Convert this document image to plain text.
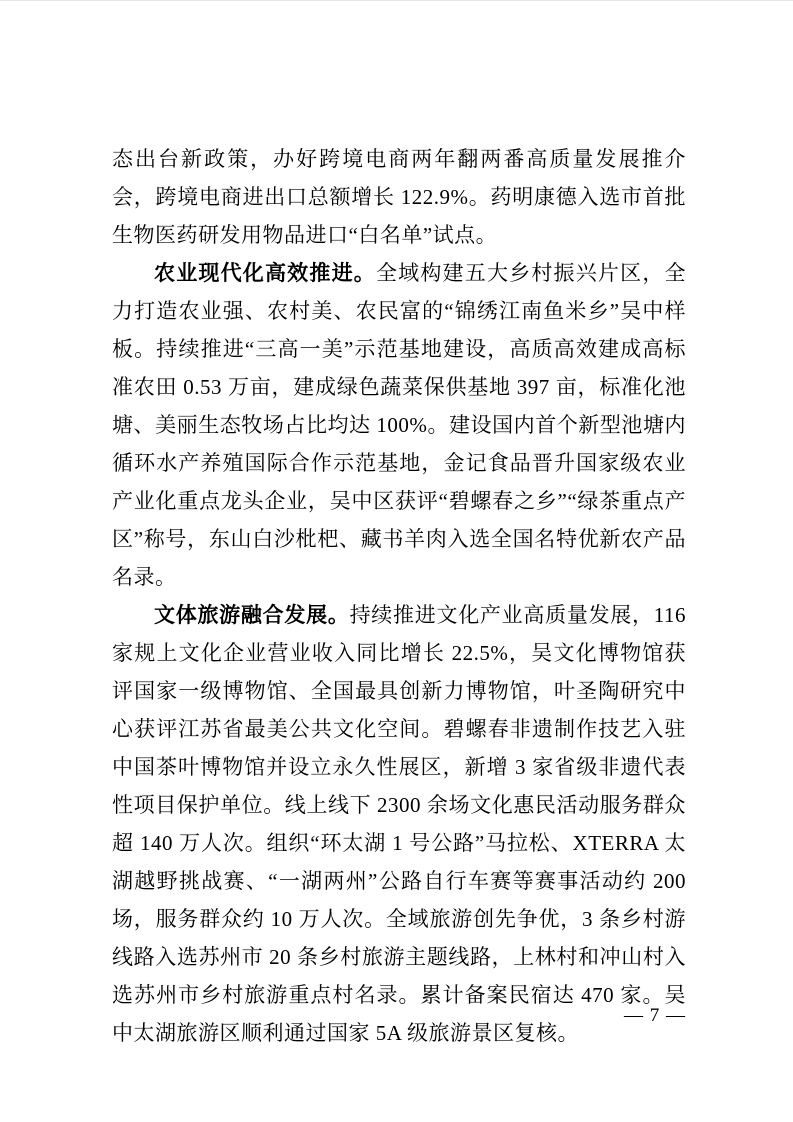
态出台新政策，办好跨境电商两年翻两番高质量发展推介会，跨境电商进出口总额增长 122.9%。药明康德入选市首批生物医药研发用物品进口“白名单”试点。

农业现代化高效推进。全域构建五大乡村振兴片区，全力打造农业强、农村美、农民富的“锦绣江南鱼米乡”吴中样板。持续推进“三高一美”示范基地建设，高质高效建成高标准农田 0.53 万亩，建成绿色蔬菜保供基地 397 亩，标准化池塘、美丽生态牧场占比均达 100%。建设国内首个新型池塘内循环水产养殖国际合作示范基地，金记食品晋升国家级农业产业化重点龙头企业，吴中区获评“碧螺春之乡”“绿茶重点产区”称号，东山白沙枇杷、藏书羊肉入选全国名特优新农产品名录。

文体旅游融合发展。持续推进文化产业高质量发展，116 家规上文化企业营业收入同比增长 22.5%，吴文化博物馆获评国家一级博物馆、全国最具创新力博物馆，叶圣陶研究中心获评江苏省最美公共文化空间。碧螺春非遗制作技艺入驻中国茶叶博物馆并设立永久性展区，新增 3 家省级非遗代表性项目保护单位。线上线下 2300 余场文化惠民活动服务群众超 140 万人次。组织“环太湖 1 号公路”马拉松、XTERRA 太湖越野挑战赛、“一湖两州”公路自行车赛等赛事活动约 200 场，服务群众约 10 万人次。全域旅游创先争优，3 条乡村游线路入选苏州市 20 条乡村旅游主题线路，上林村和冲山村入选苏州市乡村旅游重点村名录。累计备案民宿达 470 家。吴中太湖旅游区顺利通过国家 5A 级旅游景区复核。

— 7 —
